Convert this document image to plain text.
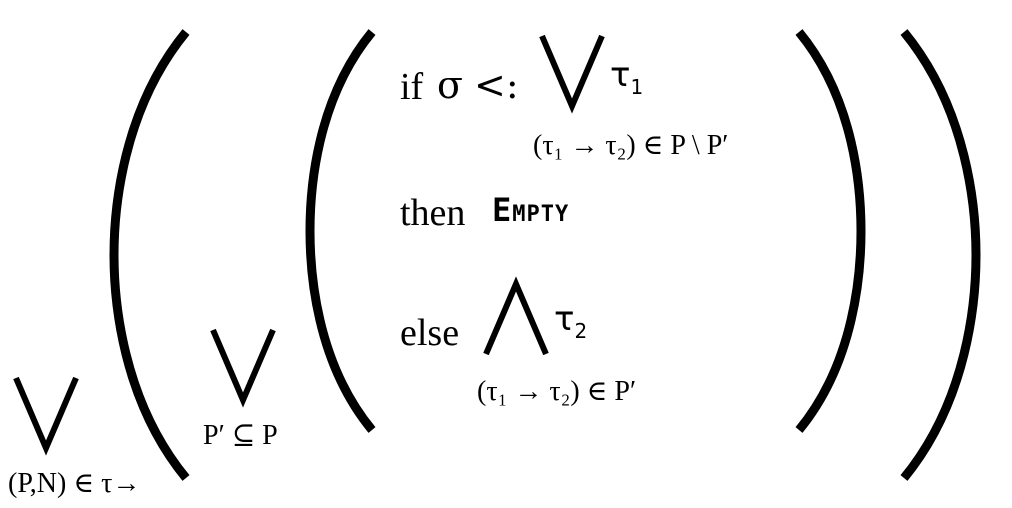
(P,N) ∈ τ→
P′ ⊆ P
if σ <:	$\tau_1$
(τ₁ → τ₂) ∈ P \ P′
then Empty
else	$\tau_2$
(τ₁ → τ₂) ∈ P′
